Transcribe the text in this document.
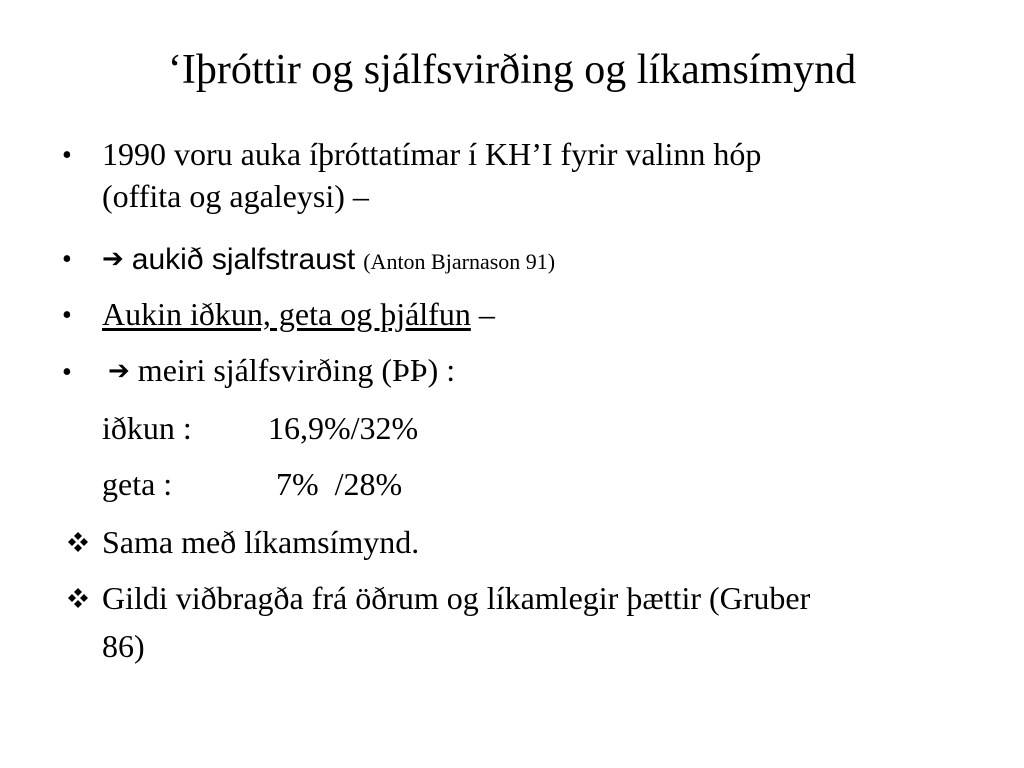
‘Iþróttir og sjálfsvirðing og líkamsímynd
• 1990 voru auka íþróttatímar í KH’I fyrir valinn hóp
(offita og agaleysi) –
• ➔ aukið sjalfstraust (Anton Bjarnason 91)
• Aukin iðkun, geta og þjálfun –
• ➔ meiri sjálfsvirðing (ÞÞ) :
iðkun : 16,9%/32%
geta :	7%  /28%
Sama með líkamsímynd.
Gildi viðbragða frá öðrum og líkamlegir þættir (Gruber
86)
